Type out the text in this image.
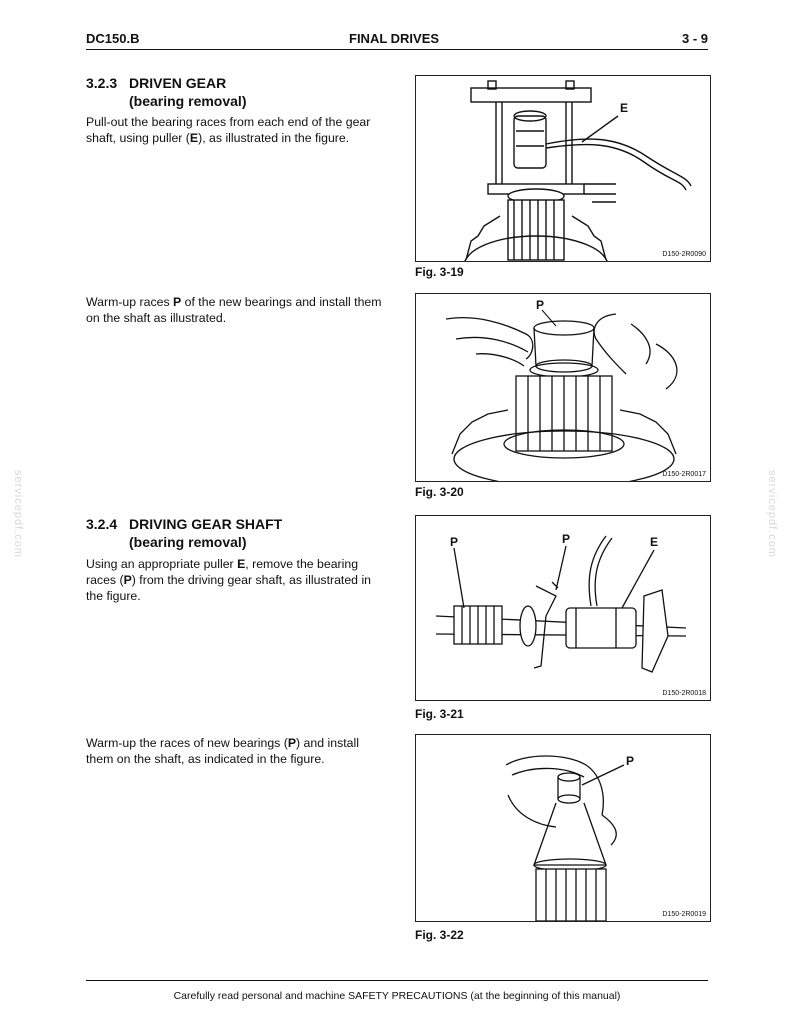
DC150.B	FINAL DRIVES	3 - 9
servicepdf.com	servicepdf.com
3.2.3 DRIVEN GEAR
(bearing removal)
Pull-out the bearing races from each end of the gear shaft, using puller (E), as illustrated in the figure.
E
D150-2R0090
Fig. 3-19
Warm-up races P of the new bearings and install them on the shaft as illustrated.
P
D150-2R0017
Fig. 3-20
3.2.4 DRIVING GEAR SHAFT
(bearing removal)
Using an appropriate puller E, remove the bearing races (P) from the driving gear shaft, as illustrated in the figure.
P	P	E
D150-2R0018
Fig. 3-21
Warm-up the races of new bearings (P) and install them on the shaft, as indicated in the figure.	P
D150-2R0019
Fig. 3-22
Carefully read personal and machine SAFETY PRECAUTIONS (at the beginning of this manual)
